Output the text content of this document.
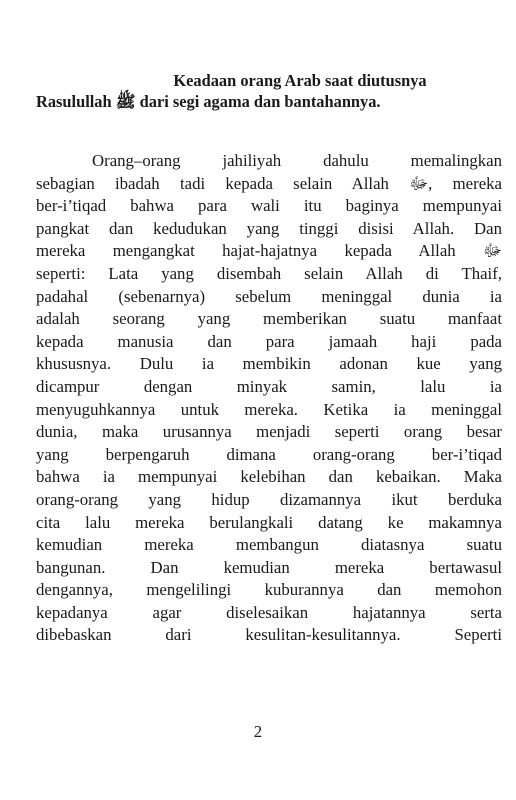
Keadaan orang Arab saat diutusnya
Rasulullah ﷺ dari segi agama dan bantahannya.
Orang–orang jahiliyah dahulu memalingkan
sebagian ibadah tadi kepada selain Allah ﷻ, mereka
ber-i’tiqad bahwa para wali itu baginya mempunyai
pangkat dan kedudukan yang tinggi disisi Allah. Dan
mereka mengangkat hajat-hajatnya kepada Allah ﷻ
seperti: Lata yang disembah selain Allah di Thaif,
padahal (sebenarnya) sebelum meninggal dunia ia
adalah seorang yang memberikan suatu manfaat
kepada manusia dan para jamaah haji pada
khususnya. Dulu ia membikin adonan kue yang
dicampur dengan minyak samin, lalu ia
menyuguhkannya untuk mereka. Ketika ia meninggal
dunia, maka urusannya menjadi seperti orang besar
yang berpengaruh dimana orang-orang ber-i’tiqad
bahwa ia mempunyai kelebihan dan kebaikan. Maka
orang-orang yang hidup dizamannya ikut berduka
cita lalu mereka berulangkali datang ke makamnya
kemudian mereka membangun diatasnya suatu
bangunan. Dan kemudian mereka bertawasul
dengannya, mengelilingi kuburannya dan memohon
kepadanya agar diselesaikan hajatannya serta
dibebaskan dari kesulitan-kesulitannya. Seperti
2
